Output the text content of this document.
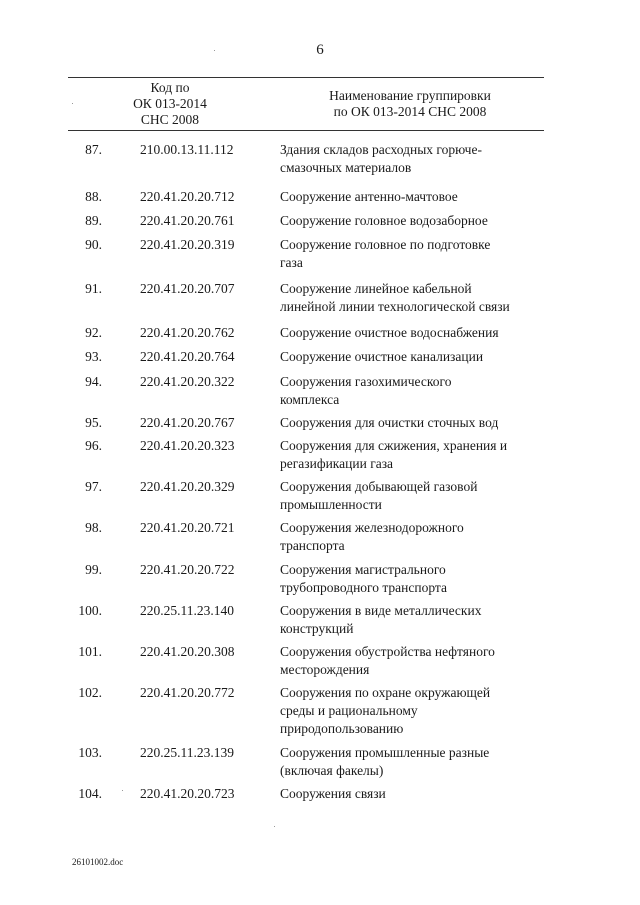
6
Код по
ОК 013-2014
СНС 2008
Наименование группировки
по ОК 013-2014 СНС 2008
87.	210.00.13.11.112	Здания складов расходных горюче-
смазочных материалов
88.	220.41.20.20.712	Сооружение антенно-мачтовое
89.	220.41.20.20.761	Сооружение головное водозаборное
90.	220.41.20.20.319	Сооружение головное по подготовке
газа
91.	220.41.20.20.707	Сооружение линейное кабельной
линейной линии технологической связи
92.	220.41.20.20.762	Сооружение очистное водоснабжения
93.	220.41.20.20.764	Сооружение очистное канализации
94.	220.41.20.20.322	Сооружения газохимического
комплекса
95.	220.41.20.20.767	Сооружения для очистки сточных вод
96.	220.41.20.20.323	Сооружения для сжижения, хранения и
регазификации газа
97.	220.41.20.20.329	Сооружения добывающей газовой
промышленности
98.	220.41.20.20.721	Сооружения железнодорожного
транспорта
99.	220.41.20.20.722	Сооружения магистрального
трубопроводного транспорта
100.	220.25.11.23.140	Сооружения в виде металлических
конструкций
101.	220.41.20.20.308	Сооружения обустройства нефтяного
месторождения
102.	220.41.20.20.772	Сооружения по охране окружающей
среды и рациональному
природопользованию
103.	220.25.11.23.139	Сооружения промышленные разные
(включая факелы)
104.	220.41.20.20.723	Сооружения связи
26101002.doc
